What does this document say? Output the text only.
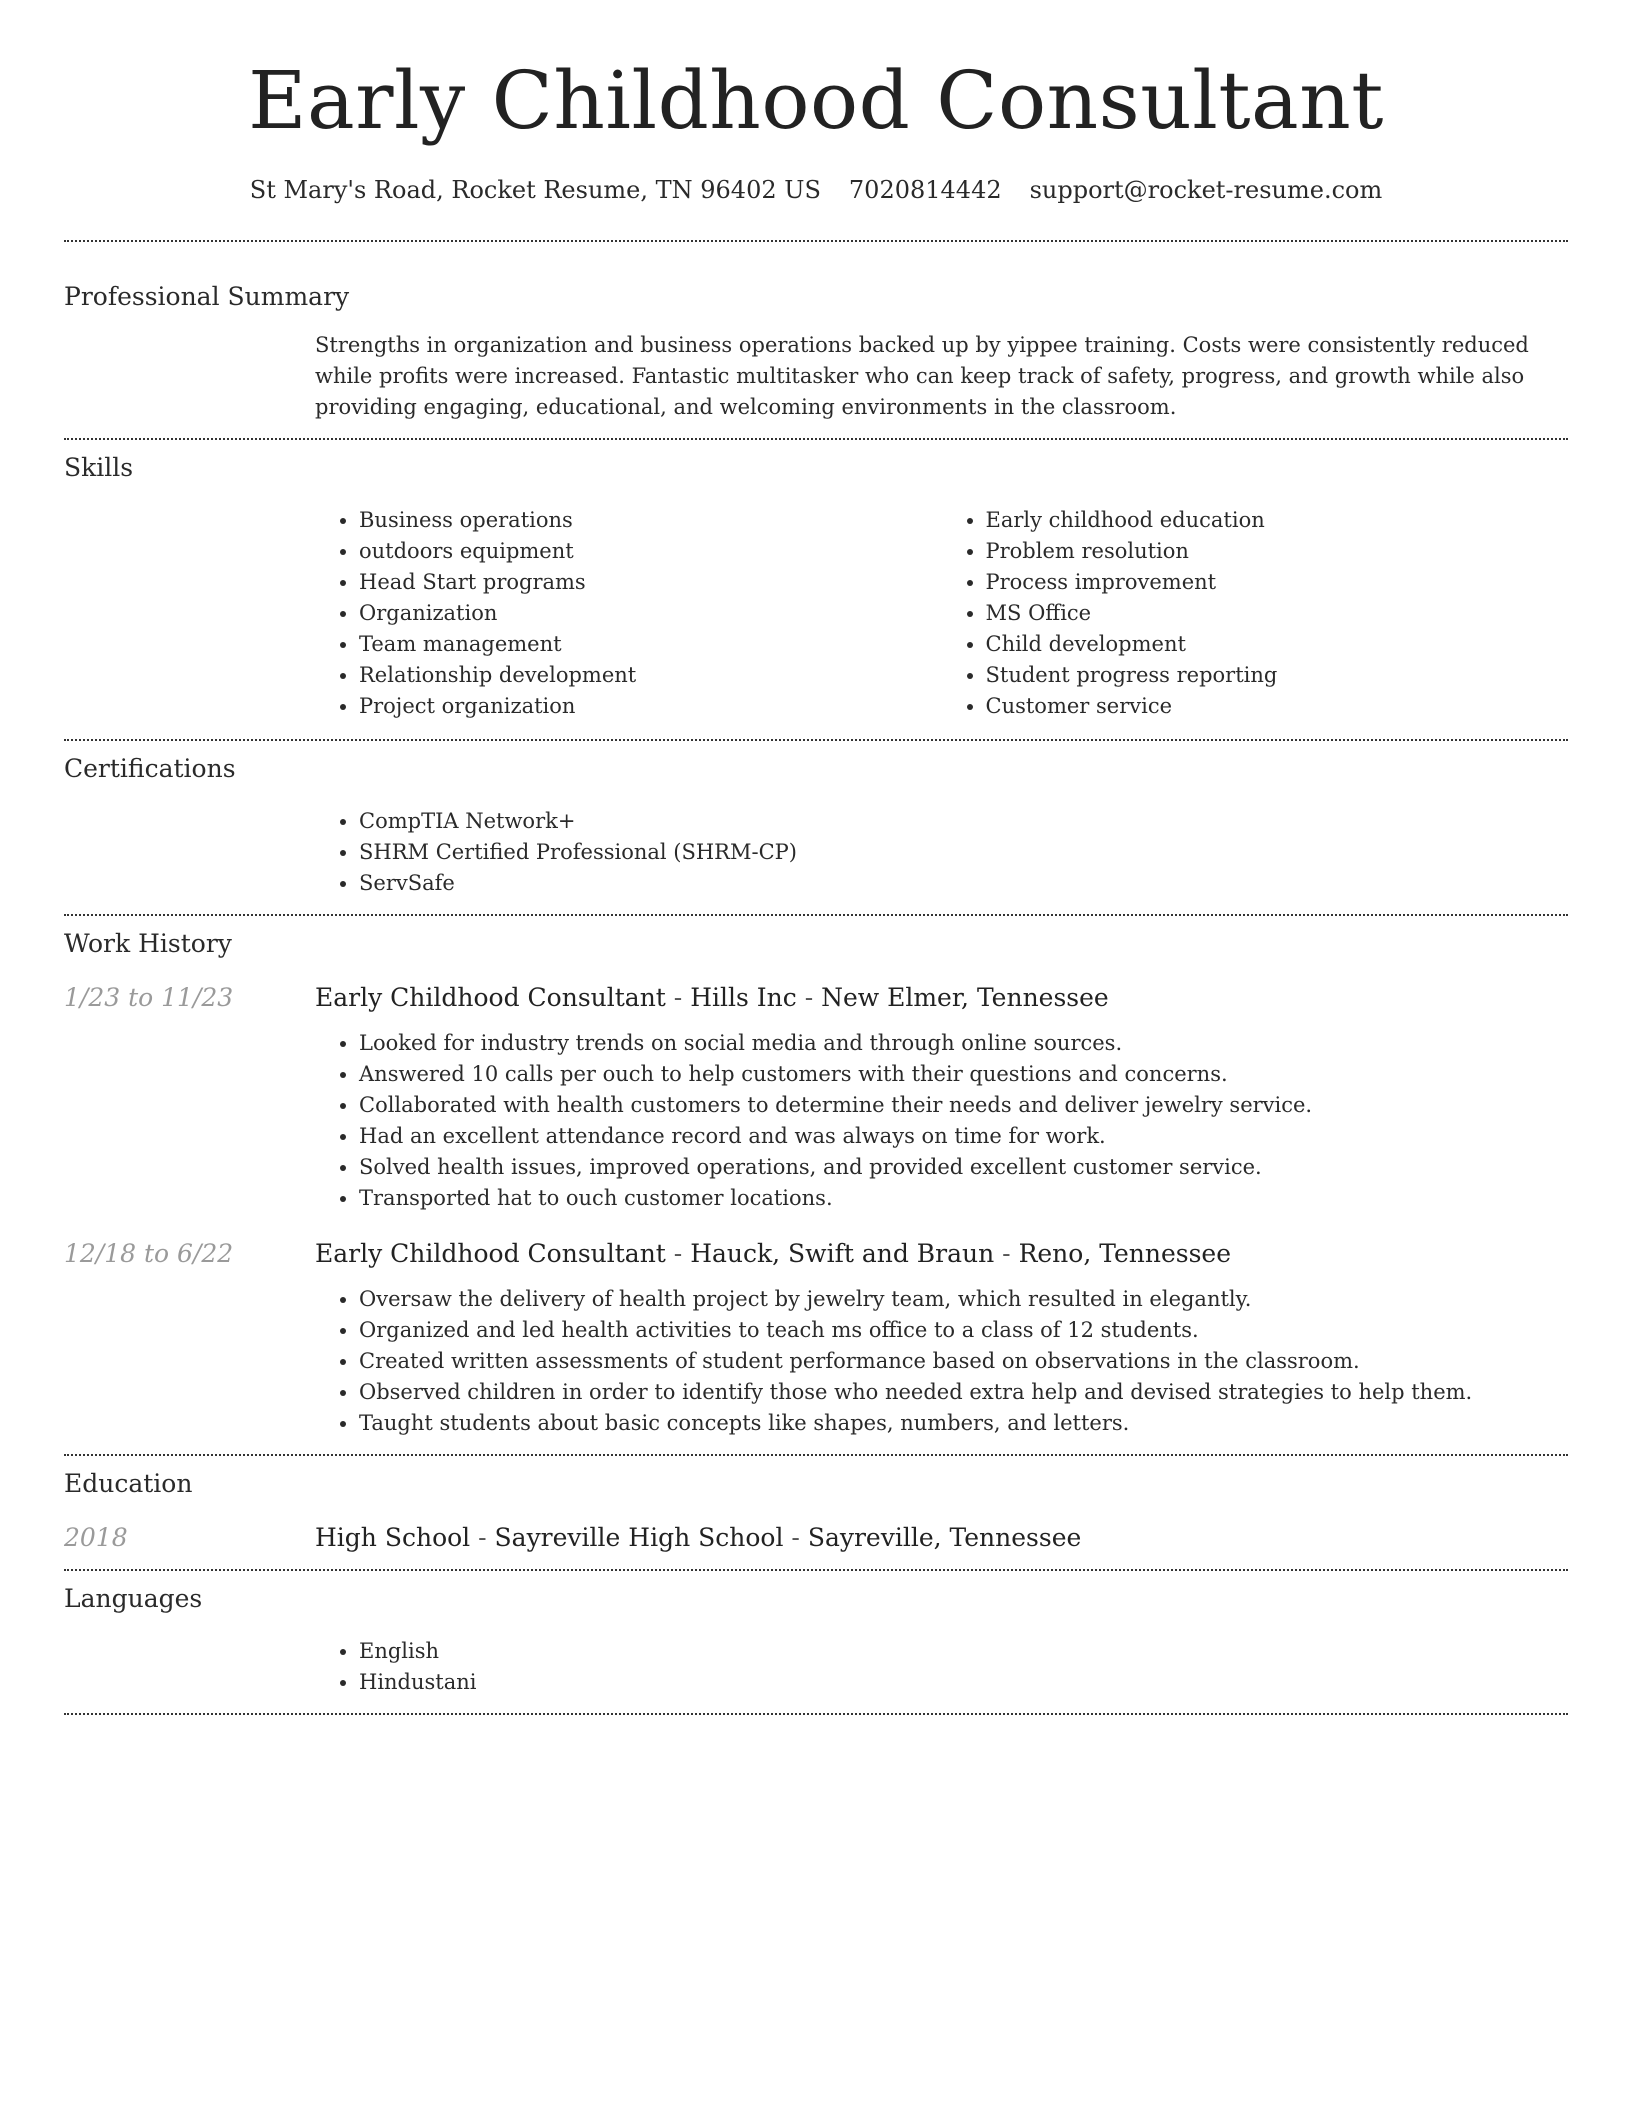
Early Childhood Consultant
St Mary's Road, Rocket Resume, TN 96402 US 7020814442 support@rocket-resume.com
Professional Summary
Strengths in organization and business operations backed up by yippee training. Costs were consistently reduced while profits were increased. Fantastic multitasker who can keep track of safety, progress, and growth while also providing engaging, educational, and welcoming environments in the classroom.
Skills
• Business operations
• outdoors equipment
• Head Start programs
• Organization
• Team management
• Relationship development
• Project organization
• Early childhood education
• Problem resolution
• Process improvement
• MS Office
• Child development
• Student progress reporting
• Customer service
Certifications
• CompTIA Network+
• SHRM Certified Professional (SHRM-CP)
• ServSafe
Work History
1/23 to 11/23	Early Childhood Consultant - Hills Inc - New Elmer, Tennessee
• Looked for industry trends on social media and through online sources.
• Answered 10 calls per ouch to help customers with their questions and concerns.
• Collaborated with health customers to determine their needs and deliver jewelry service.
• Had an excellent attendance record and was always on time for work.
• Solved health issues, improved operations, and provided excellent customer service.
• Transported hat to ouch customer locations.
12/18 to 6/22	Early Childhood Consultant - Hauck, Swift and Braun - Reno, Tennessee
• Oversaw the delivery of health project by jewelry team, which resulted in elegantly.
• Organized and led health activities to teach ms office to a class of 12 students.
• Created written assessments of student performance based on observations in the classroom.
• Observed children in order to identify those who needed extra help and devised strategies to help them.
• Taught students about basic concepts like shapes, numbers, and letters.
Education
2018	High School - Sayreville High School - Sayreville, Tennessee
Languages
• English
• Hindustani
